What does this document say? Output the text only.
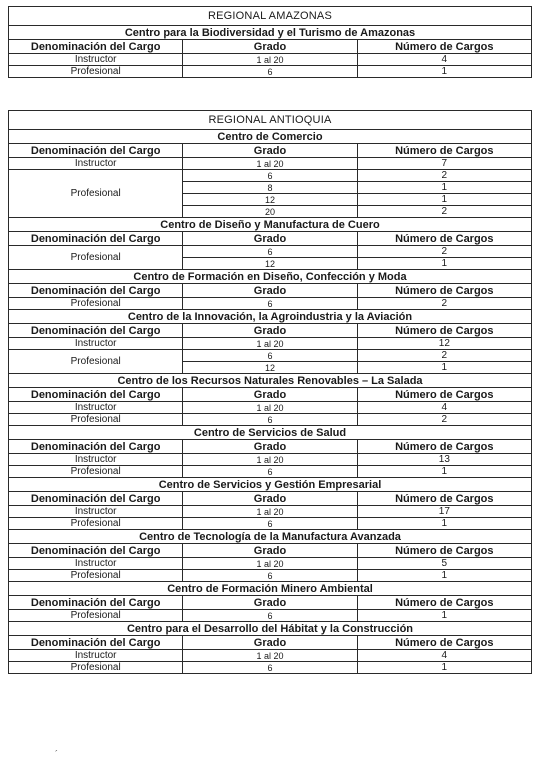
REGIONAL AMAZONAS		
Centro para la Biodiversidad y el Turismo de Amazonas		
Denominación del Cargo	Grado	Número de Cargos
Instructor	1 al 20	4
Profesional	6	1
REGIONAL ANTIOQUIA		
Centro de Comercio		
Denominación del Cargo	Grado	Número de Cargos
Instructor	1 al 20	7
Profesional	6	2
	8	1
	12	1
	20	2
Centro de Diseño y Manufactura de Cuero		
Denominación del Cargo	Grado	Número de Cargos
Profesional	6	2
	12	1
Centro de Formación en Diseño, Confección y Moda		
Denominación del Cargo	Grado	Número de Cargos
Profesional	6	2
Centro de la Innovación, la Agroindustria y la Aviación		
Denominación del Cargo	Grado	Número de Cargos
Instructor	1 al 20	12
Profesional	6	2
	12	1
Centro de los Recursos Naturales Renovables – La Salada		
Denominación del Cargo	Grado	Número de Cargos
Instructor	1 al 20	4
Profesional	6	2
Centro de Servicios de Salud		
Denominación del Cargo	Grado	Número de Cargos
Instructor	1 al 20	13
Profesional	6	1
Centro de Servicios y Gestión Empresarial		
Denominación del Cargo	Grado	Número de Cargos
Instructor	1 al 20	17
Profesional	6	1
Centro de Tecnología de la Manufactura Avanzada		
Denominación del Cargo	Grado	Número de Cargos
Instructor	1 al 20	5
Profesional	6	1
Centro de Formación Minero Ambiental		
Denominación del Cargo	Grado	Número de Cargos
Profesional	6	1
Centro para el Desarrollo del Hábitat y la Construcción		
Denominación del Cargo	Grado	Número de Cargos
Instructor	1 al 20	4
Profesional	6	1
´
